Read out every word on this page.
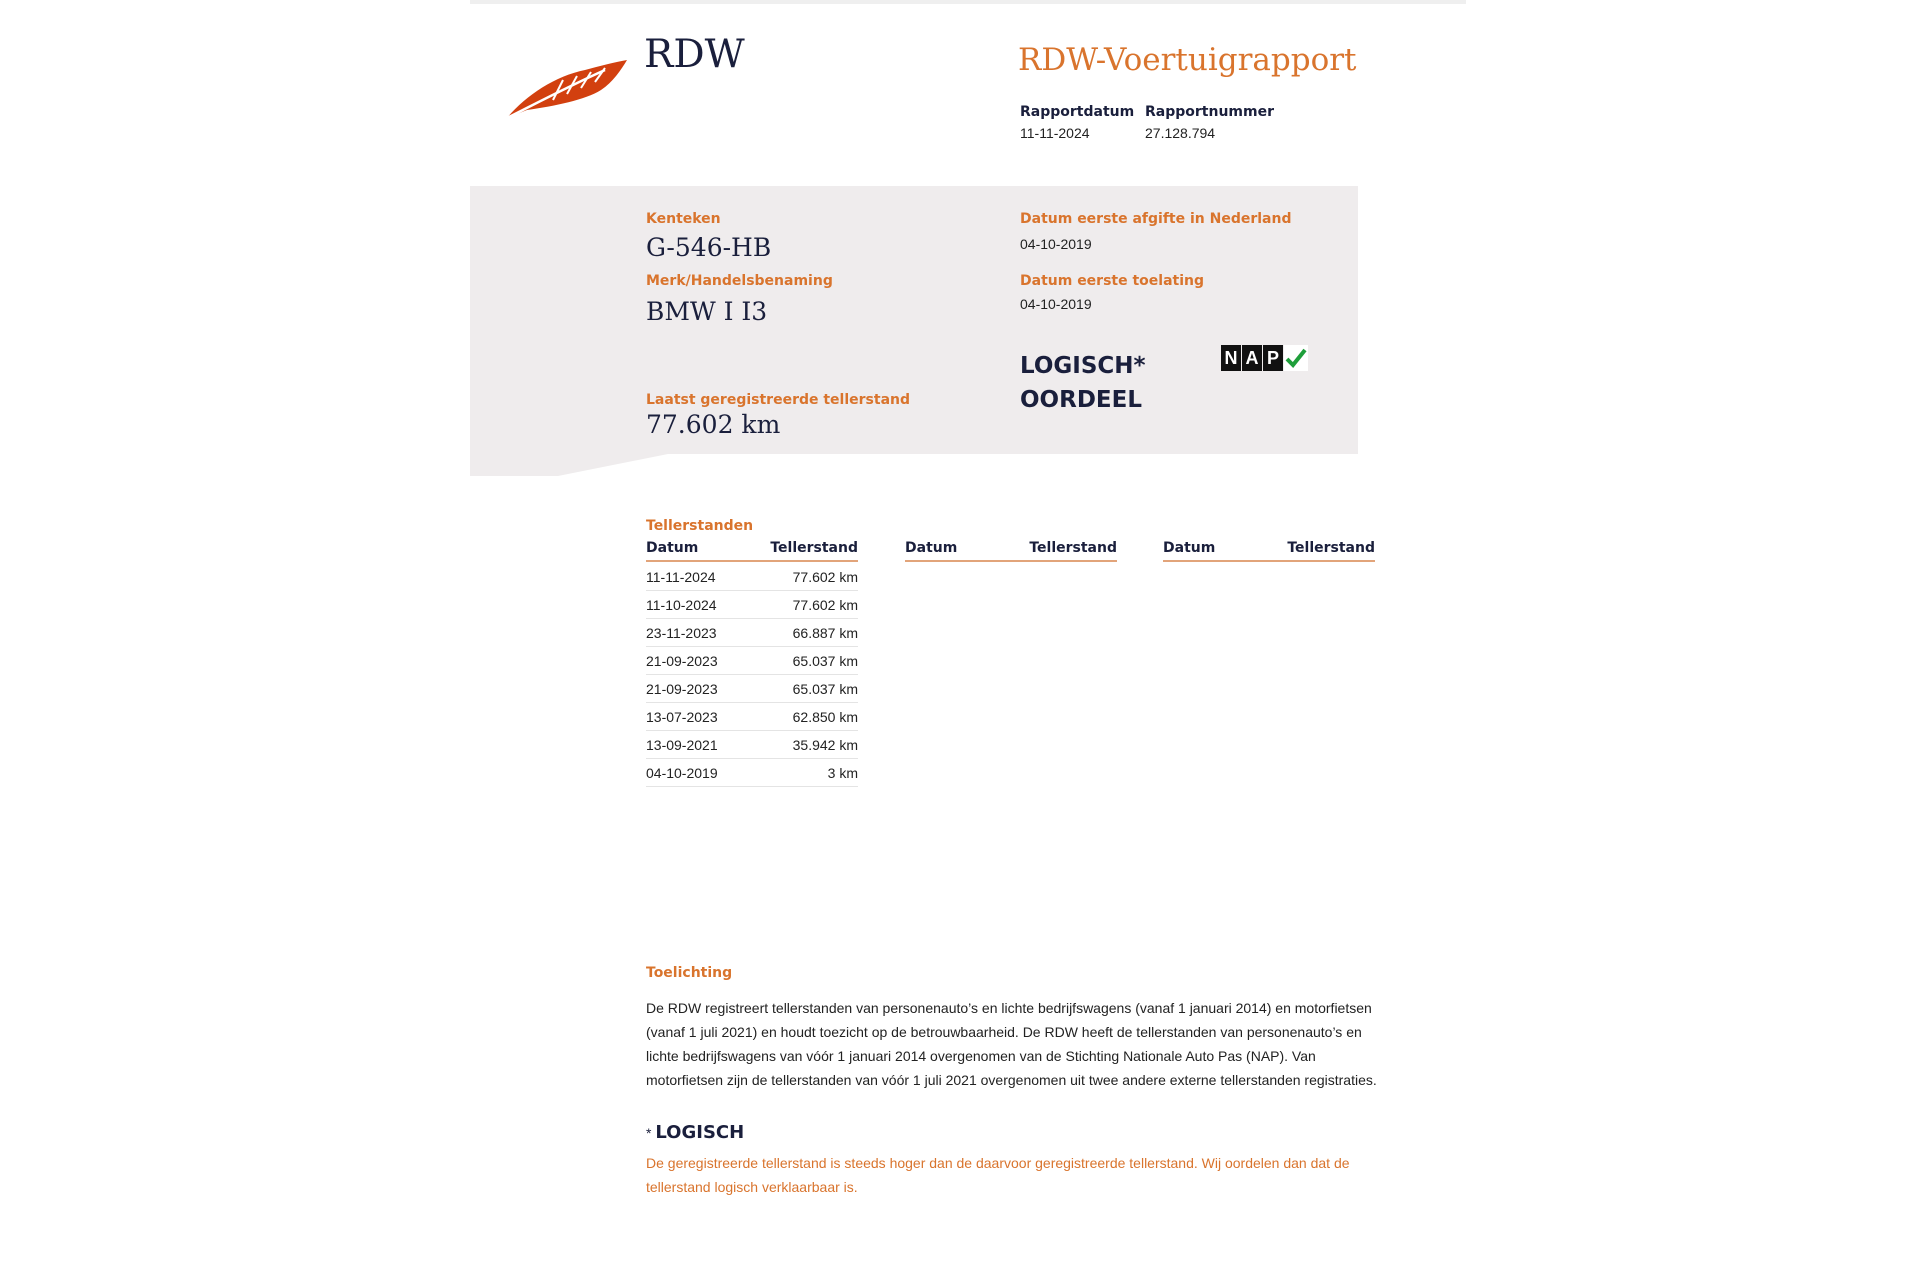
RDW	RDW-Voertuigrapport
Rapportdatum
11-11-2024
Rapportnummer
27.128.794
Kenteken
G-546-HB
Merk/Handelsbenaming
BMW I I3
Datum eerste afgifte in Nederland
04-10-2019
Datum eerste toelating
04-10-2019
Laatst geregistreerde tellerstand
77.602 km
LOGISCH*
OORDEEL
N A P
Tellerstanden
Datum	Tellerstand	Datum	Tellerstand	Datum	Tellerstand
11-11-2024	77.602 km
11-10-2024	77.602 km
23-11-2023	66.887 km
21-09-2023	65.037 km
21-09-2023	65.037 km
13-07-2023	62.850 km
13-09-2021	35.942 km
04-10-2019	3 km
Toelichting
De RDW registreert tellerstanden van personenauto’s en lichte bedrijfswagens (vanaf 1 januari 2014) en motorfietsen (vanaf 1 juli 2021) en houdt toezicht op de betrouwbaarheid. De RDW heeft de tellerstanden van personenauto’s en lichte bedrijfswagens van vóór 1 januari 2014 overgenomen van de Stichting Nationale Auto Pas (NAP). Van motorfietsen zijn de tellerstanden van vóór 1 juli 2021 overgenomen uit twee andere externe tellerstanden registraties.
* LOGISCH
De geregistreerde tellerstand is steeds hoger dan de daarvoor geregistreerde tellerstand. Wij oordelen dan dat de tellerstand logisch verklaarbaar is.
